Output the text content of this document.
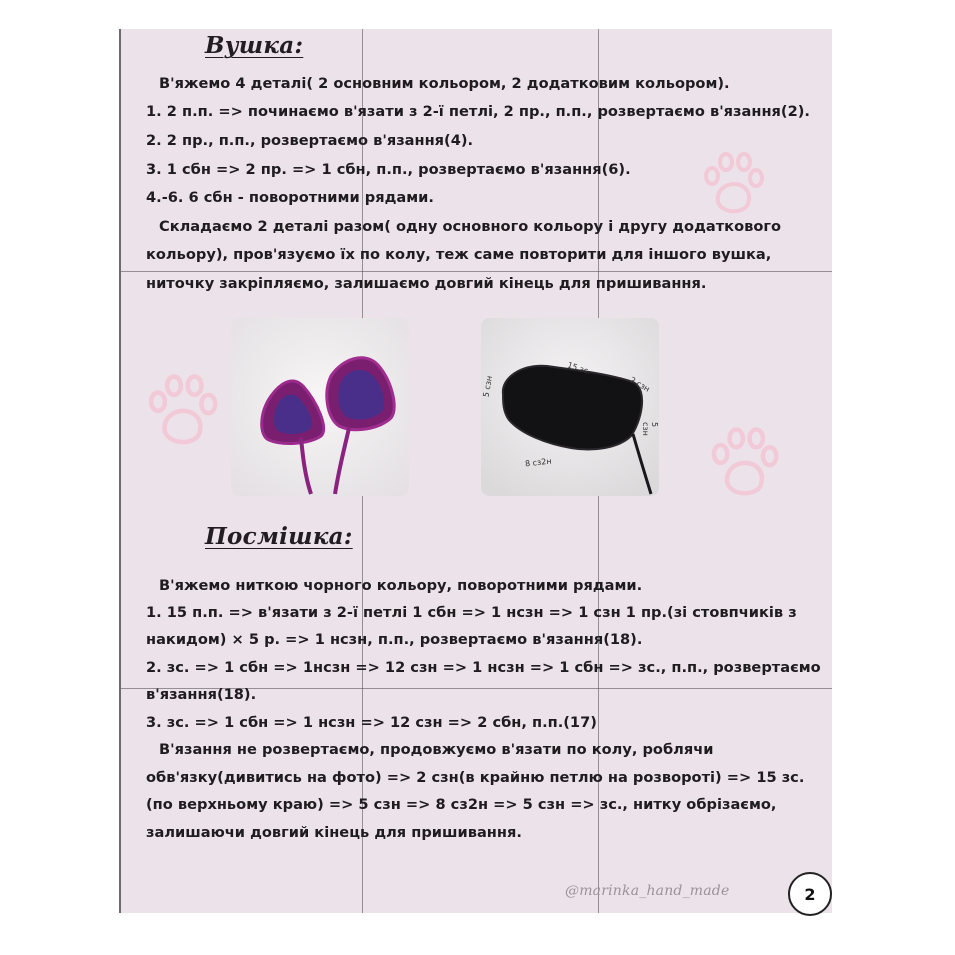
Вушка:
В'яжемо 4 деталі( 2 основним кольором, 2 додатковим кольором).
1. 2 п.п. => починаємо в'язати з 2-ї петлі, 2 пр., п.п., розвертаємо в'язання(2).
2. 2 пр., п.п., розвертаємо в'язання(4).
3. 1 сбн => 2 пр. => 1 сбн, п.п., розвертаємо в'язання(6).
4.-6. 6 сбн - поворотними рядами.
Складаємо 2 деталі разом( одну основного кольору і другу додаткового
кольору), пров'язуємо їх по колу, теж саме повторити для іншого вушка,
ниточку закріпляємо, залишаємо довгий кінець для пришивання.
15 зс.
5 сзн	2 сзн
5 сзн
8 сз2н
Посмішка:
В'яжемо ниткою чорного кольору, поворотними рядами.
1. 15 п.п. => в'язати з 2-ї петлі 1 сбн => 1 нсзн => 1 сзн 1 пр.(зі стовпчиків з
накидом) × 5 р. => 1 нсзн, п.п., розвертаємо в'язання(18).
2. зс. => 1 сбн => 1нсзн => 12 сзн => 1 нсзн => 1 сбн => зс., п.п., розвертаємо
в'язання(18).
3. зс. => 1 сбн => 1 нсзн => 12 сзн => 2 сбн, п.п.(17)
В'язання не розвертаємо, продовжуємо в'язати по колу, роблячи
обв'язку(дивитись на фото) => 2 сзн(в крайню петлю на розвороті) => 15 зс.
(по верхньому краю) => 5 сзн => 8 сз2н => 5 сзн => зс., нитку обрізаємо,
залишаючи довгий кінець для пришивання.
@marinka_hand_made	2
